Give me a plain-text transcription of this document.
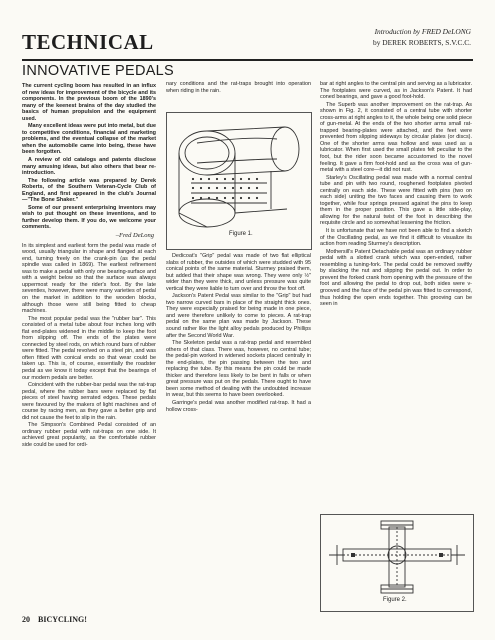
TECHNICAL	Introduction by FRED DeLONG
by DEREK ROBERTS, S.V.C.C.
INNOVATIVE PEDALS

The current cycling boom has resulted in an influx of new ideas for improvement of the bicycle and its components. In the previous boom of the 1890's many of the keenest brains of the day studied the basics of human propulsion and the equipment used.

Many excellent ideas were put into metal, but due to competitive conditions, financial and marketing problems, and the eventual collapse of the market when the automobile came into being, these have been forgotten.

A review of old catalogs and patents disclose many amusing ideas, but also others that bear re-introduction.

The following article was prepared by Derek Roberts, of the Southern Veteran-Cycle Club of England, and first appeared in the club's Journal—"The Bone Shaker."

Some of our present enterprising inventors may wish to put thought on these inventions, and to further develop them. If you do, we welcome your comments.

–Fred DeLong

In its simplest and earliest form the pedal was made of wood, usually triangular in shape and flanged at each end, turning freely on the crank-pin (as the pedal spindle was called in 1869). The earliest refinement was to make a pedal with only one bearing-surface and with a weight below so that the surface was always uppermost ready for the rider's foot. By the late seventies, however, there were many varieties of pedal on the market in addition to the wooden blocks, although those were still being fitted to cheap machines.

The most popular pedal was the "rubber bar". This consisted of a metal tube about four inches long with flat end-plates widened in the middle to keep the foot from slipping off. The ends of the plates were connected by steel rods, on which round bars of rubber were fitted. The pedal revolved on a steel pin, and was often fitted with conical ends so that wear could be taken up. This is, of course, essentially the roadster pedal as we know it today except that the bearings of our modern pedals are better.

Coincident with the rubber-bar pedal was the rat-trap pedal, where the rubber bars were replaced by flat pieces of steel having serrated edges. These pedals were favoured by the makers of light machines and of course by racing men, as they gave a better grip and did not cause the feet to slip in the rain.

The Simpson's Combined Pedal consisted of an ordinary rubber pedal with rat-traps on one side. It achieved great popularity, as the comfortable rubber side could be used for ordi-

nary conditions and the rat-traps brought into operation when riding in the rain.

Figure 1.

Dedicoat's "Grip" pedal was made of two flat elliptical slabs of rubber, the outsides of which were studded with 95 conical points of the same material. Sturmey praised them, but added that their shape was wrong. They were only ½" wider than they were thick, and unless pressure was quite vertical they were liable to turn over and throw the foot off.

Jackson's Patent Pedal was similar to the "Grip" but had two narrow curved bars in place of the straight thick ones. They were especially praised for being made in one piece, and were therefore unlikely to come to pieces. A rat-trap pedal on the same plan was made by Jackson. These sound rather like the light alloy pedals produced by Phillips after the Second World War.

The Skeleton pedal was a rat-trap pedal and resembled others of that class. There was, however, no central tube; the pedal-pin worked in widened sockets placed centrally in the end-plates, the pin passing between the two and replacing the tube. By this means the pin could be made thicker and therefore less likely to be bent in falls or when great pressure was put on the pedals. There ought to have been some method of dealing with the undoubted increase in wear, but this seems to have been overlooked.

Garringe's pedal was another modified rat-trap. It had a hollow cross-

bar at right angles to the central pin and serving as a lubricator. The footplates were curved, as in Jackson's Patent. It had coned bearings, and gave a good foot-hold.

The Superb was another improvement on the rat-trap. As shown in Fig. 2, it consisted of a central tube with shorter cross-arms at right angles to it, the whole being one solid piece of gun-metal. At the ends of the two shorter arms small rat-trapped bearing-plates were attached, and the feet were prevented from slipping sideways by circular plates (or discs). One of the shorter arms was hollow and was used as a lubricator. When first used the small plates felt peculiar to the foot, but the rider soon became accustomed to the novel feeling. It gave a firm foot-hold and as the cross was of gun-metal with a steel core—it did not rust.

Starley's Oscillating pedal was made with a normal central tube and pin with two round, roughened footplates pivoted centrally on each side. These were fitted with pins (two on each side) uniting the two faces and causing them to work together, while four springs pressed against the pins to keep them in the proper position. This gave a little side-play, allowing for the natural twist of the foot in describing the requisite circle and so somewhat lessening the friction.

It is unfortunate that we have not been able to find a sketch of the Oscillating pedal, as we find it difficult to visualize its action from reading Sturmey's description.

Mothersill's Patent Detachable pedal was an ordinary rubber pedal with a slotted crank which was open-ended, rather resembling a tuning-fork. The pedal could be removed swiftly by slacking the nut and slipping the pedal out. In order to prevent the forked crank from opening with the pressure of the foot and allowing the pedal to drop out, both sides were v-grooved and the face of the pedal pin was fitted to correspond, thus holding the open ends together. This grooving can be seen in

Figure 2.
20 BICYCLING!
